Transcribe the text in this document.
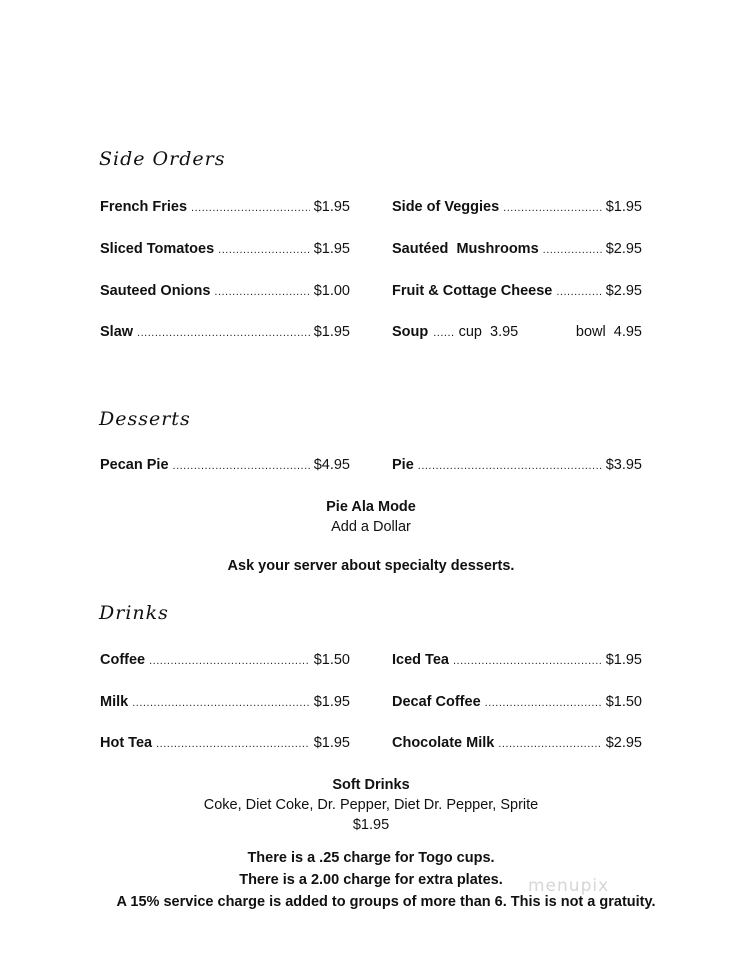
Side Orders
French Fries .....	$1.95
Sliced Tomatoes .....	$1.95
Sauteed Onions .....	$1.00
Slaw .....	$1.95
Side of Veggies .....	$1.95
Sautéed  Mushrooms .....	$2.95
Fruit & Cottage Cheese .....	$2.95
Soup ...... cup  3.95	bowl  4.95
Desserts
Pecan Pie .....	$4.95	Pie .....	$3.95
Pie Ala Mode
Add a Dollar
Ask your server about specialty desserts.
Drinks
Coffee .....	$1.50
Milk .....	$1.95
Hot Tea .....	$1.95
Iced Tea .....	$1.95
Decaf Coffee .....	$1.50
Chocolate Milk .....	$2.95
Soft Drinks
Coke, Diet Coke, Dr. Pepper, Diet Dr. Pepper, Sprite
$1.95
There is a .25 charge for Togo cups.
There is a 2.00 charge for extra plates.
A 15% service charge is added to groups of more than 6. This is not a gratuity.
menupix
